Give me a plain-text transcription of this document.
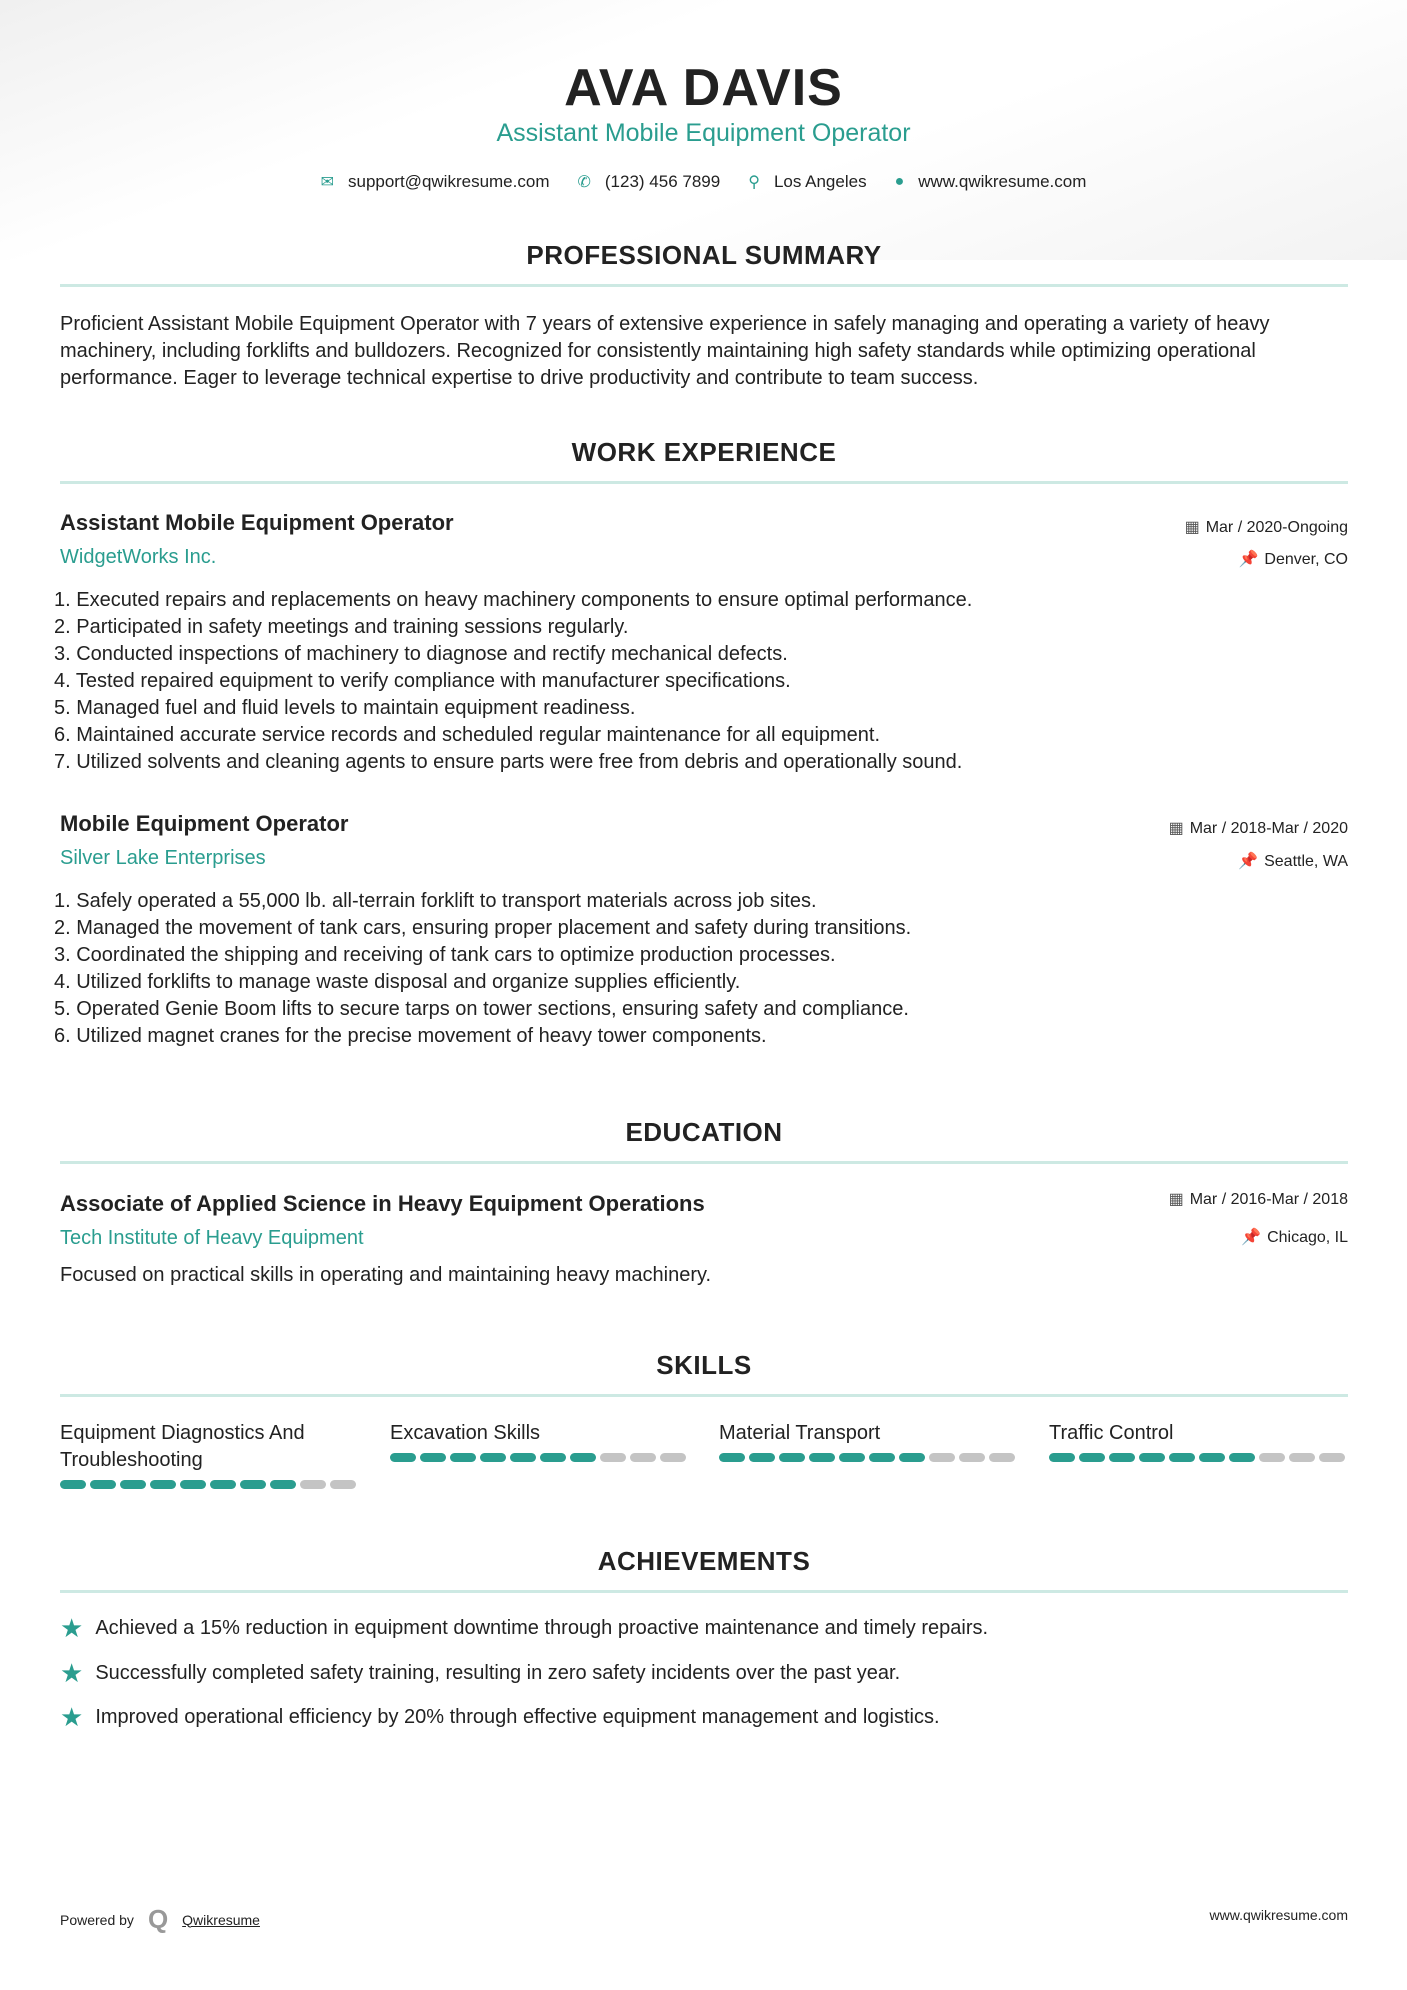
AVA DAVIS
Assistant Mobile Equipment Operator
✉ support@qwikresume.com ✆ (123) 456 7899 ⚲ Los Angeles ● www.qwikresume.com
PROFESSIONAL SUMMARY
Proficient Assistant Mobile Equipment Operator with 7 years of extensive experience in safely managing and operating a variety of heavy machinery, including forklifts and bulldozers. Recognized for consistently maintaining high safety standards while optimizing operational performance. Eager to leverage technical expertise to drive productivity and contribute to team success.
WORK EXPERIENCE
Assistant Mobile Equipment Operator
WidgetWorks Inc.
▦ Mar / 2020-Ongoing
📌 Denver, CO
1. Executed repairs and replacements on heavy machinery components to ensure optimal performance.
2. Participated in safety meetings and training sessions regularly.
3. Conducted inspections of machinery to diagnose and rectify mechanical defects.
4. Tested repaired equipment to verify compliance with manufacturer specifications.
5. Managed fuel and fluid levels to maintain equipment readiness.
6. Maintained accurate service records and scheduled regular maintenance for all equipment.
7. Utilized solvents and cleaning agents to ensure parts were free from debris and operationally sound.
Mobile Equipment Operator
Silver Lake Enterprises
▦ Mar / 2018-Mar / 2020
📌 Seattle, WA
1. Safely operated a 55,000 lb. all-terrain forklift to transport materials across job sites.
2. Managed the movement of tank cars, ensuring proper placement and safety during transitions.
3. Coordinated the shipping and receiving of tank cars to optimize production processes.
4. Utilized forklifts to manage waste disposal and organize supplies efficiently.
5. Operated Genie Boom lifts to secure tarps on tower sections, ensuring safety and compliance.
6. Utilized magnet cranes for the precise movement of heavy tower components.
EDUCATION
Associate of Applied Science in Heavy Equipment Operations
Tech Institute of Heavy Equipment
▦ Mar / 2016-Mar / 2018
📌 Chicago, IL
Focused on practical skills in operating and maintaining heavy machinery.
SKILLS
Equipment Diagnostics And Troubleshooting
Excavation Skills	Material Transport	Traffic Control
ACHIEVEMENTS
★ Achieved a 15% reduction in equipment downtime through proactive maintenance and timely repairs.
★ Successfully completed safety training, resulting in zero safety incidents over the past year.
★ Improved operational efficiency by 20% through effective equipment management and logistics.
Powered by Q Qwikresume	www.qwikresume.com
